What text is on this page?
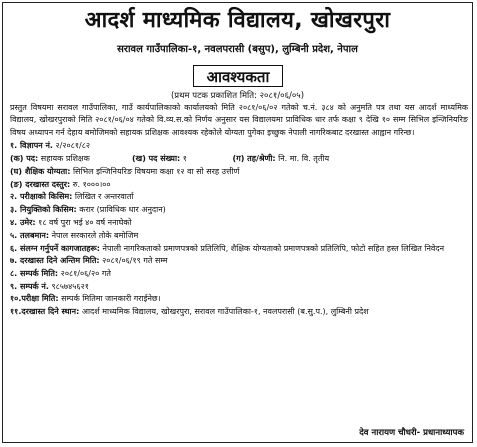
आदर्श माध्यमिक विद्यालय, खोखरपुरा
सरावल गाउँपालिका-१, नवलपरासी (बसुप), लुम्बिनी प्रदेश, नेपाल
आवश्यकता
(प्रथम पटक प्रकाशित मिति: २०८१/०६/०५)

प्रस्तुत विषयमा सरावल गाउँपालिका, गाउँ कार्यपालिकाको कार्यालयको मिति २०८१/०६/०२ गतेको च.नं. ३८४ को अनुमति पत्र तथा यस आदर्श माध्यमिक विद्यालय, खोखरपुराको मिति २०८१/०६/०४ गतेको वि.व्य.स.को निर्णय अनुसार यस विद्यालयमा प्राविधिक धार तर्फ कक्षा ९ देखि १० सम्म सिभिल इन्जिनियरिङ विषय अध्यापन गर्न देहाय बमोजिमको सहायक प्रशिक्षक आवश्यक रहेकोले योग्यता पुगेका इच्छुक नेपाली नागरिकबाट दरखास्त आह्वान गरिन्छ।

१. विज्ञापन नं. २/२०८१/८२
(क) पद: सहायक प्रशिक्षक	(ख) पद संख्या: १	(ग) तह/श्रेणी: नि. मा. वि. तृतीय
(घ) शैक्षिक योग्यता: सिभिल इन्जिनियरिङ विषयमा कक्षा १२ वा सो सरह उत्तीर्ण
(ङ) दरखास्त दस्तुर: रु. १०००।००
२. परीक्षाको किसिम: लिखित र अन्तरवार्ता
३. नियुक्तिको किसिम: करार (प्राविधिक धार अनुदान)
४. उमेर: १८ वर्ष पुरा भई ४० वर्ष ननाघेको
५. तलबमान: नेपाल सरकारले तोके बमोजिम
६. संलग्न गर्नुपर्ने कागजातहरू: नेपाली नागरिकताको प्रमाणपत्रको प्रतिलिपि, शैक्षिक योग्यताको प्रमाणपत्रको प्रतिलिपि, फोटो सहित हस्त लिखित निवेदन
७. दरखास्त दिने अन्तिम मिति: २०८१/०६/१९ गते सम्म
८. सम्पर्क मिति: २०८१/०६/२० गते
९. सम्पर्क नं. ९८५७४५६२१
१०.परीक्षा मिति: सम्पर्क मितिमा जानकारी गराईनेछ।
११.दरखास्त दिने स्थान: आदर्श माध्यमिक विद्यालय, खोखरपुरा, सरावल गाउँपालिका-१, नवलपरासी (ब.सु.प.), लुम्बिनी प्रदेश
देव नारायण चौधरी- प्रधानाध्यापक
